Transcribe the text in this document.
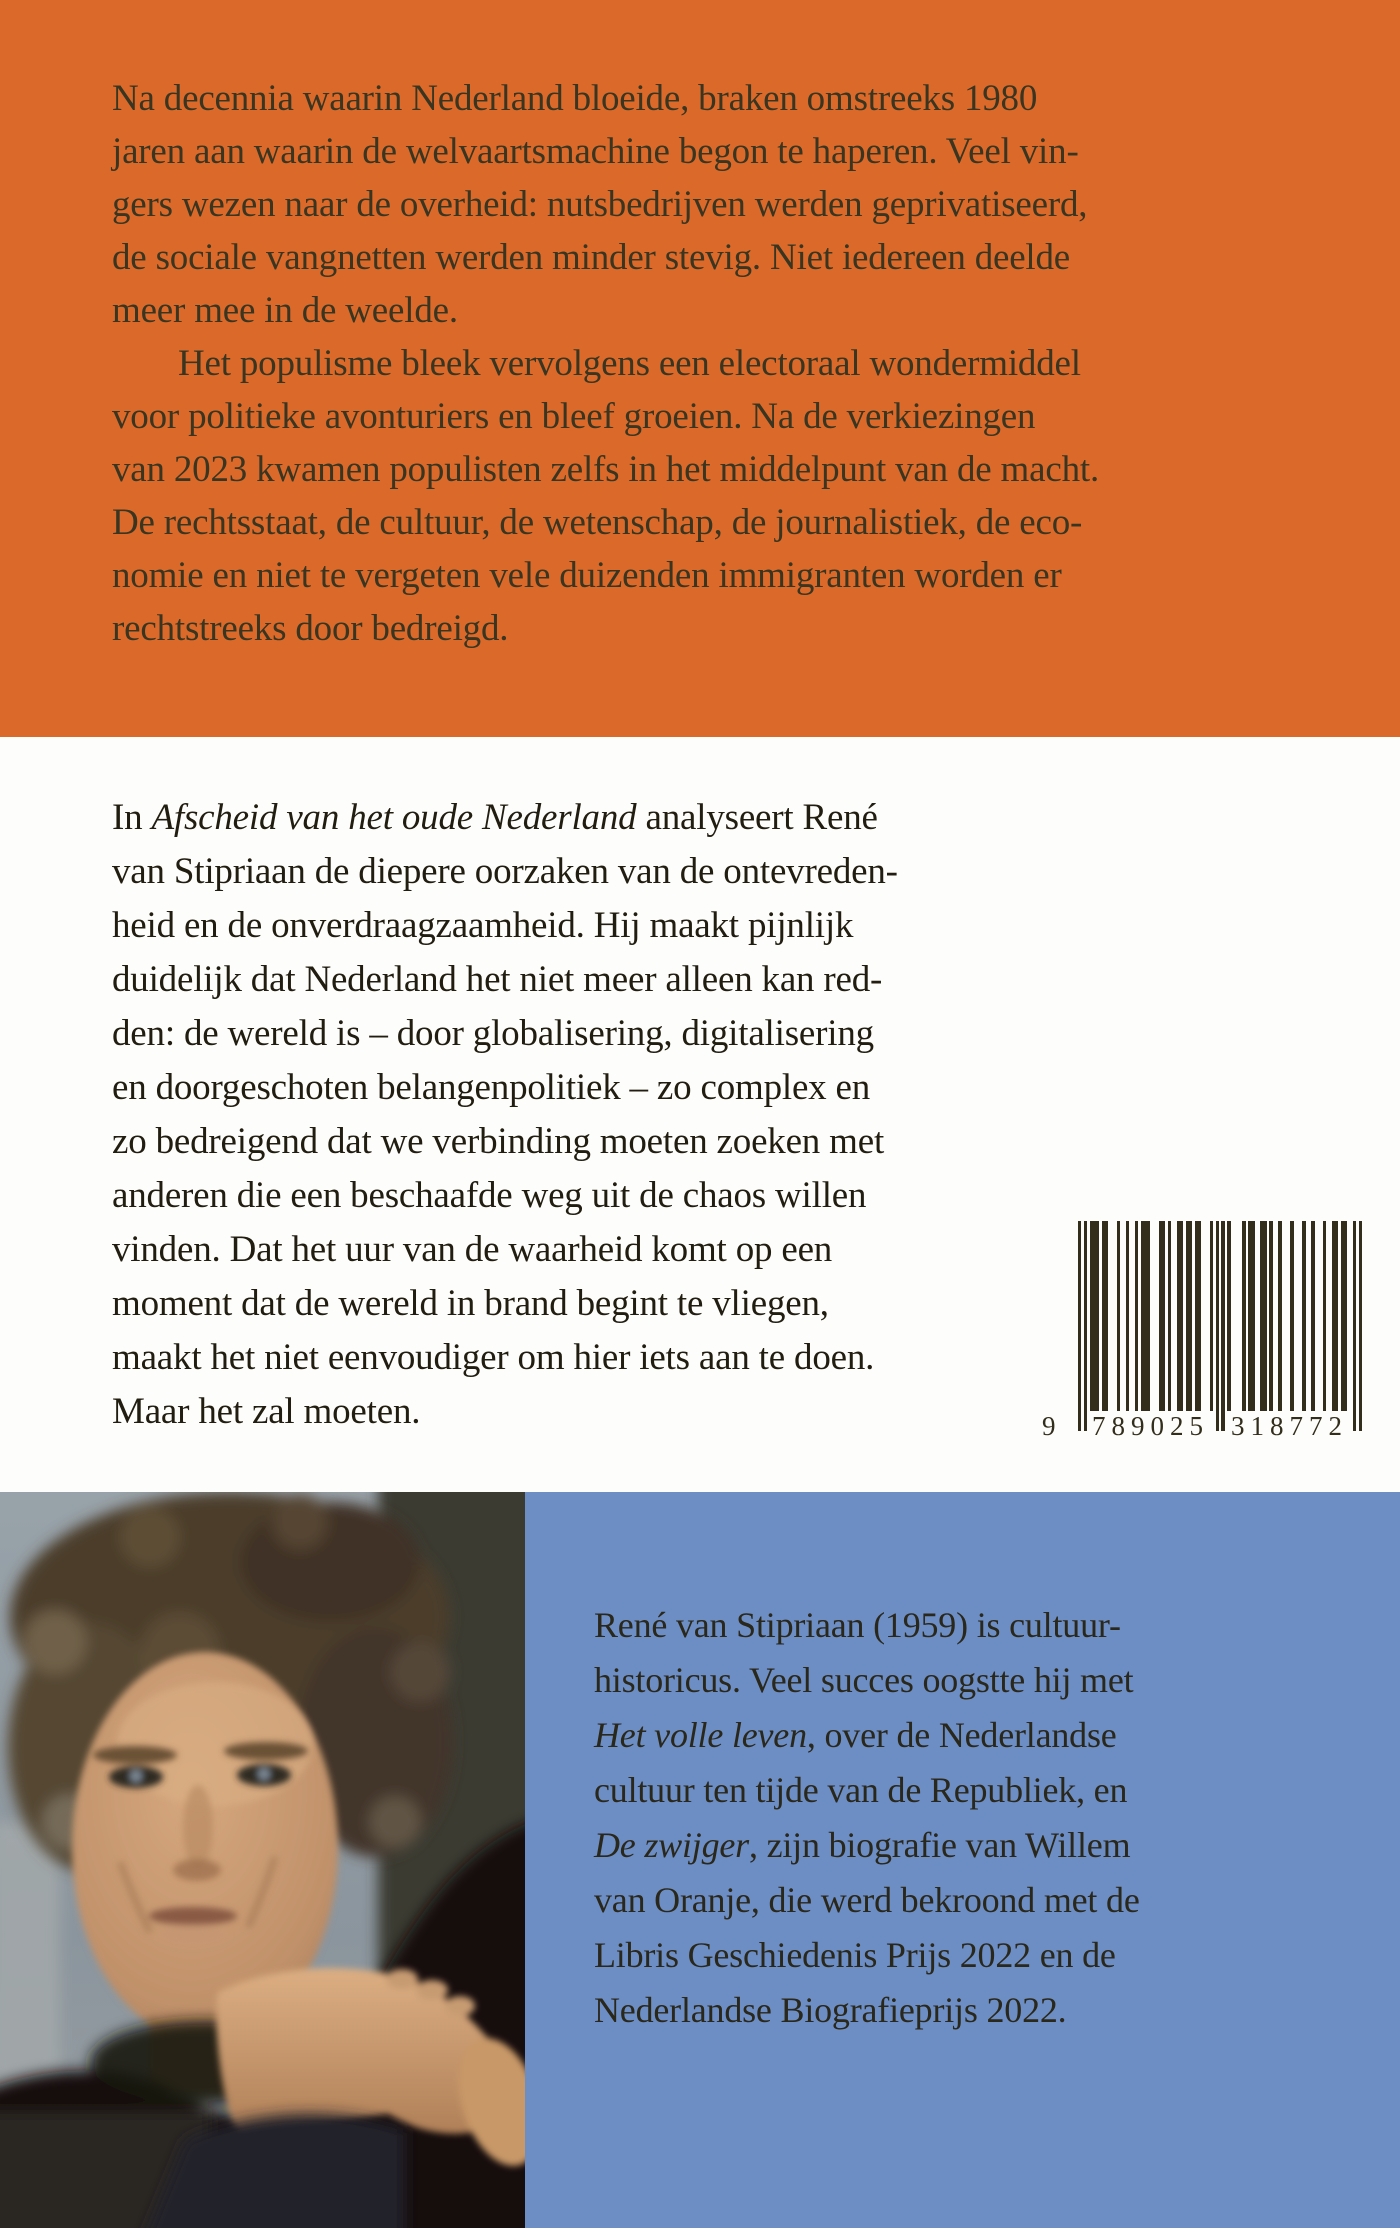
Na decennia waarin Nederland bloeide, braken omstreeks 1980
jaren aan waarin de welvaartsmachine begon te haperen. Veel vin-
gers wezen naar de overheid: nutsbedrijven werden geprivatiseerd,
de sociale vangnetten werden minder stevig. Niet iedereen deelde
meer mee in de weelde.
Het populisme bleek vervolgens een electoraal wondermiddel
voor politieke avonturiers en bleef groeien. Na de verkiezingen
van 2023 kwamen populisten zelfs in het middelpunt van de macht.
De rechtsstaat, de cultuur, de wetenschap, de journalistiek, de eco-
nomie en niet te vergeten vele duizenden immigranten worden er
rechtstreeks door bedreigd.
In Afscheid van het oude Nederland analyseert René
van Stipriaan de diepere oorzaken van de ontevreden-
heid en de onverdraagzaamheid. Hij maakt pijnlijk
duidelijk dat Nederland het niet meer alleen kan red-
den: de wereld is – door globalisering, digitalisering
en doorgeschoten belangenpolitiek – zo complex en
zo bedreigend dat we verbinding moeten zoeken met
anderen die een beschaafde weg uit de chaos willen
vinden. Dat het uur van de waarheid komt op een
moment dat de wereld in brand begint te vliegen,
maakt het niet eenvoudiger om hier iets aan te doen.
Maar het zal moeten.	9 789025 318772
René van Stipriaan (1959) is cultuur-
historicus. Veel succes oogstte hij met
Het volle leven, over de Nederlandse
cultuur ten tijde van de Republiek, en
De zwijger, zijn biografie van Willem
van Oranje, die werd bekroond met de
Libris Geschiedenis Prijs 2022 en de
Nederlandse Biografieprijs 2022.
